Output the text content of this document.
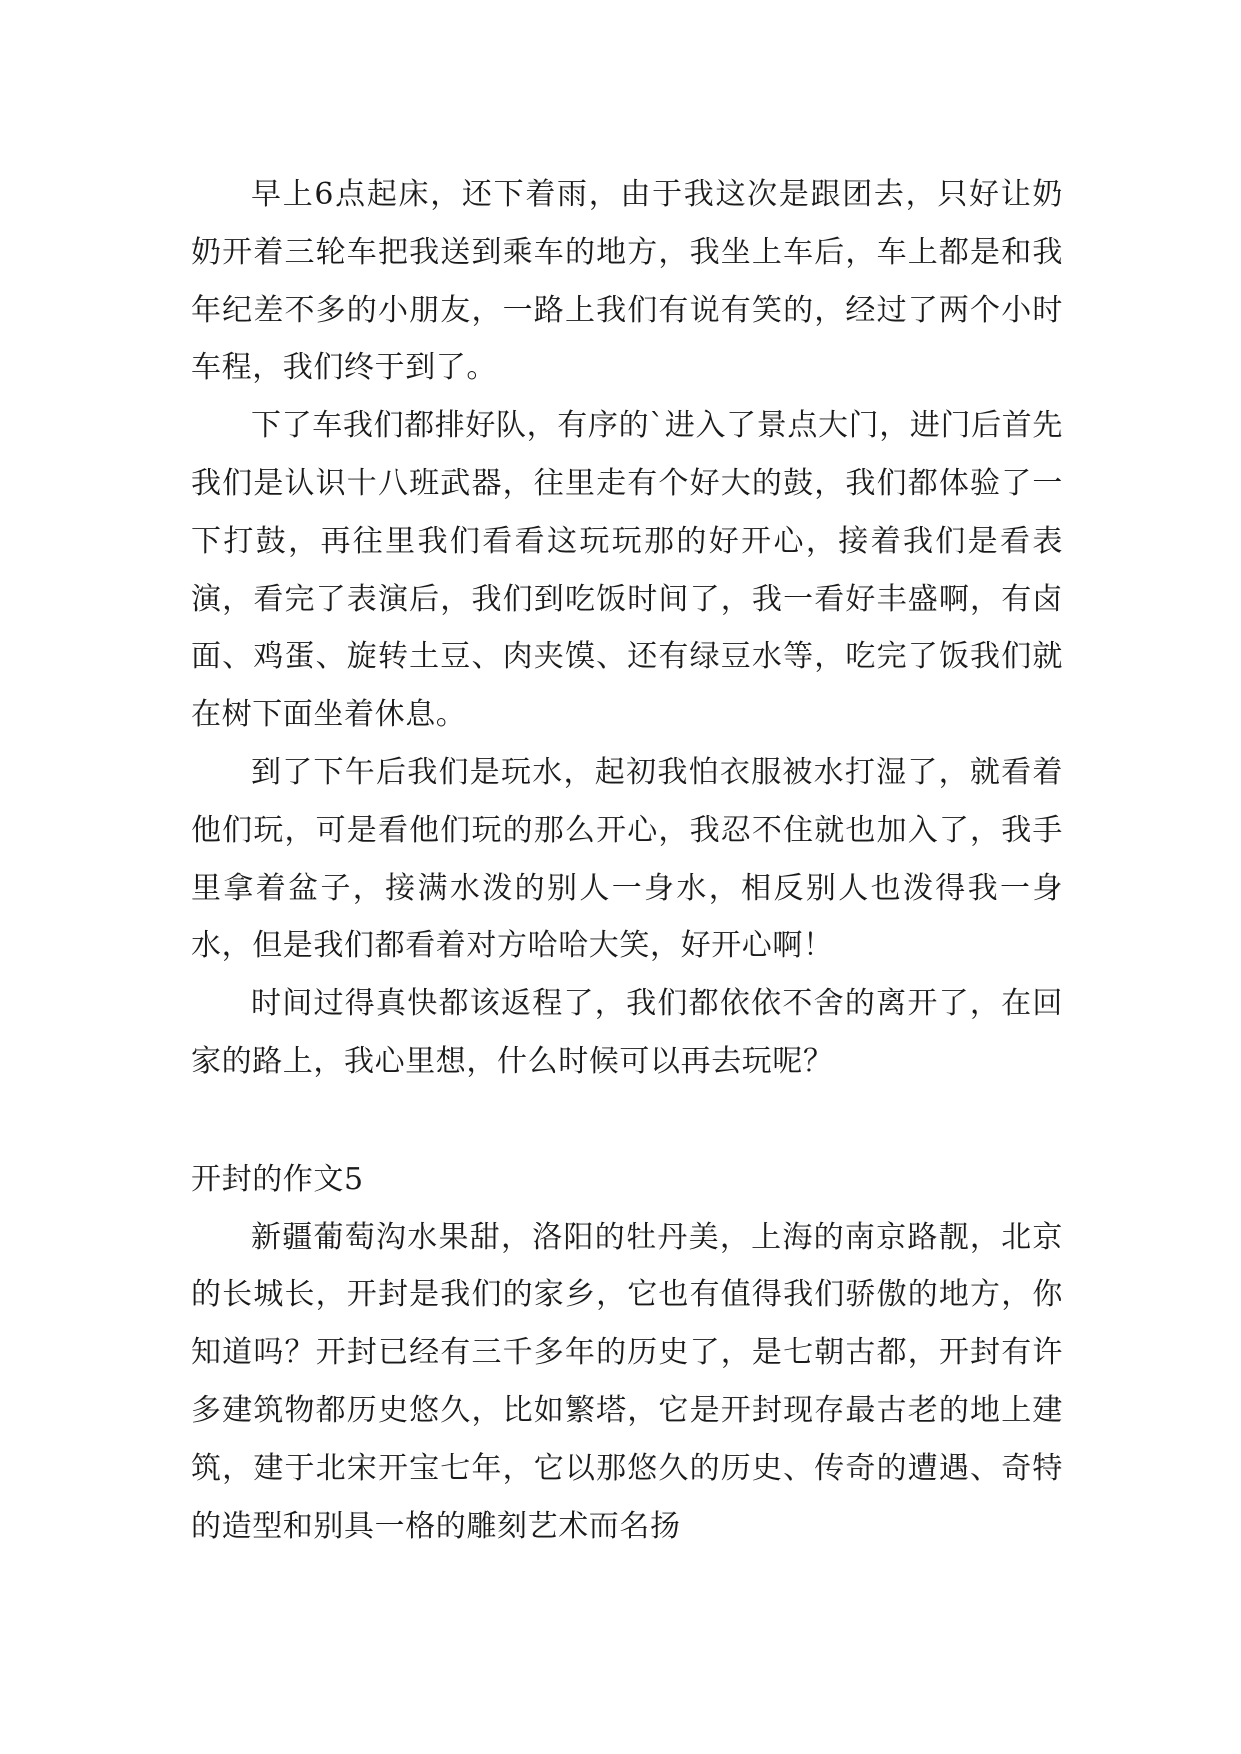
早上6点起床，还下着雨，由于我这次是跟团去，只好让奶奶开着三轮车把我送到乘车的地方，我坐上车后，车上都是和我年纪差不多的小朋友，一路上我们有说有笑的，经过了两个小时车程，我们终于到了。

下了车我们都排好队，有序的`进入了景点大门，进门后首先我们是认识十八班武器，往里走有个好大的鼓，我们都体验了一下打鼓，再往里我们看看这玩玩那的好开心，接着我们是看表演，看完了表演后，我们到吃饭时间了，我一看好丰盛啊，有卤面、鸡蛋、旋转土豆、肉夹馍、还有绿豆水等，吃完了饭我们就在树下面坐着休息。

到了下午后我们是玩水，起初我怕衣服被水打湿了，就看着他们玩，可是看他们玩的那么开心，我忍不住就也加入了，我手里拿着盆子，接满水泼的别人一身水，相反别人也泼得我一身水，但是我们都看着对方哈哈大笑，好开心啊！

时间过得真快都该返程了，我们都依依不舍的离开了，在回家的路上，我心里想，什么时候可以再去玩呢？

开封的作文5

新疆葡萄沟水果甜，洛阳的牡丹美，上海的南京路靓，北京的长城长，开封是我们的家乡，它也有值得我们骄傲的地方，你知道吗？开封已经有三千多年的历史了，是七朝古都，开封有许多建筑物都历史悠久，比如繁塔，它是开封现存最古老的地上建筑，建于北宋开宝七年，它以那悠久的历史、传奇的遭遇、奇特的造型和别具一格的雕刻艺术而名扬
